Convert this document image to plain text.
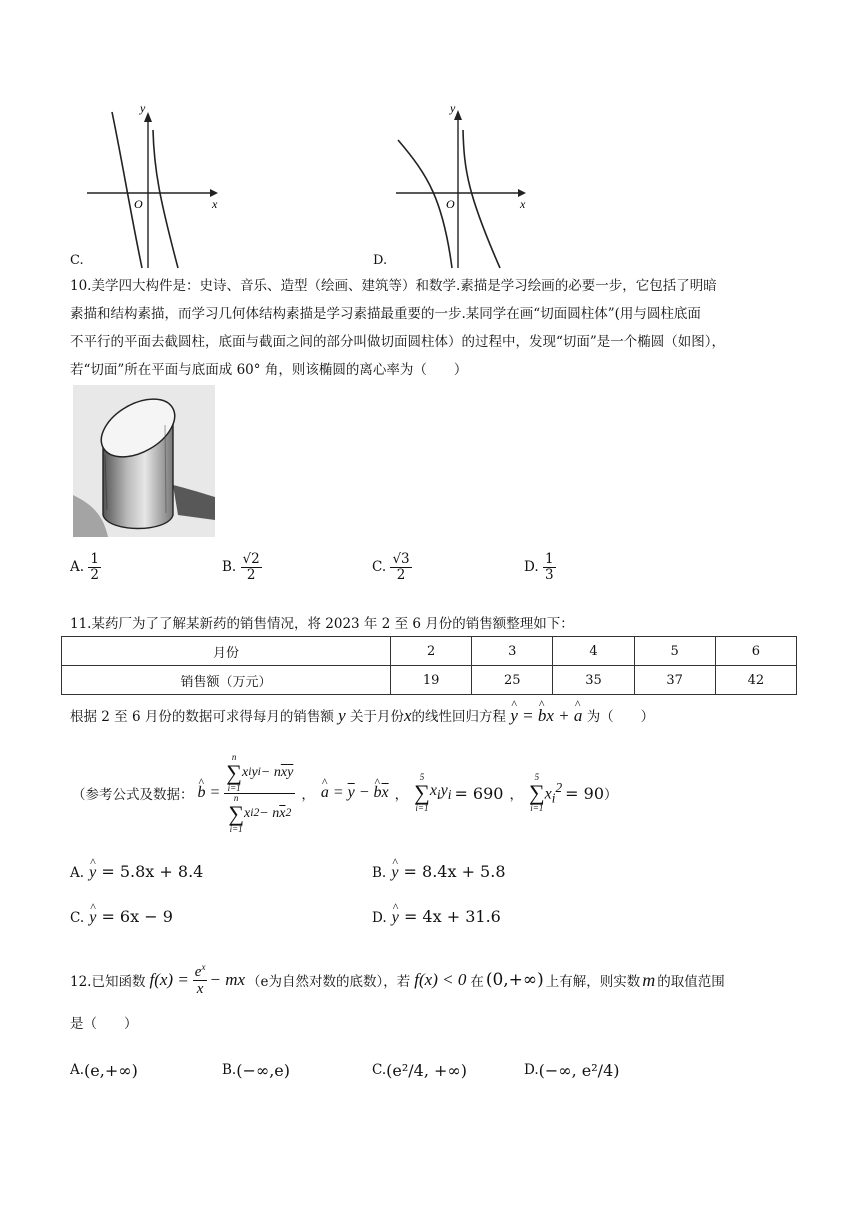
y
x
O
C.
y
x
O
D.
10.美学四大构件是：史诗、音乐、造型（绘画、建筑等）和数学.素描是学习绘画的必要一步，它包括了明暗
素描和结构素描，而学习几何体结构素描是学习素描最重要的一步.某同学在画“切面圆柱体”(用与圆柱底面
不平行的平面去截圆柱，底面与截面之间的部分叫做切面圆柱体）的过程中，发现“切面”是一个椭圆（如图），
若“切面”所在平面与底面成 60° 角，则该椭圆的离心率为（　　）
A. $\frac{1}{2}$	B. $\frac{√2}{2}$	C. $\frac{√3}{2}$	D. $\frac{1}{3}$
11.某药厂为了了解某新药的销售情况，将 2023 年 2 至 6 月份的销售额整理如下：
月份	2	3	4	5	6
销售额（万元）	19	25	35	37	42
根据 2 至 6 月份的数据可求得每月的销售额 y 关于月份x的线性回归方程 ^ y = ^ bx + ^ a 为（　　）
（参考公式及数据： ^ b = n
∑
i=1
x i y i − n $\overline{x}$ $\overline{y}$
n
∑
i=1
x i 2 − n $\overline{x}$ 2 ， ^ $a = \overline{y}$ − ^ $b\overline{x}$ ，
5
∑
i=1
$x_iy_i = 690$ ，
5
∑
i=1
$x_i^2 = 90$ ）
A. ^ y = 5.8x + 8.4	B. ^ y = 8.4x + 5.8
C. ^ y = 6x − 9	D. ^ y = 4x + 31.6
12.已知函数 $f(x) = \frac{e^x}{x}$ − mx （e为自然对数的底数），若 f(x) < 0 在 (0,+∞) 上有解，则实数 m 的取值范围
是（　　）
A. (e,+∞)	B. (−∞,e)	C. (e²/4, +∞)	D. (−∞, e²/4)
